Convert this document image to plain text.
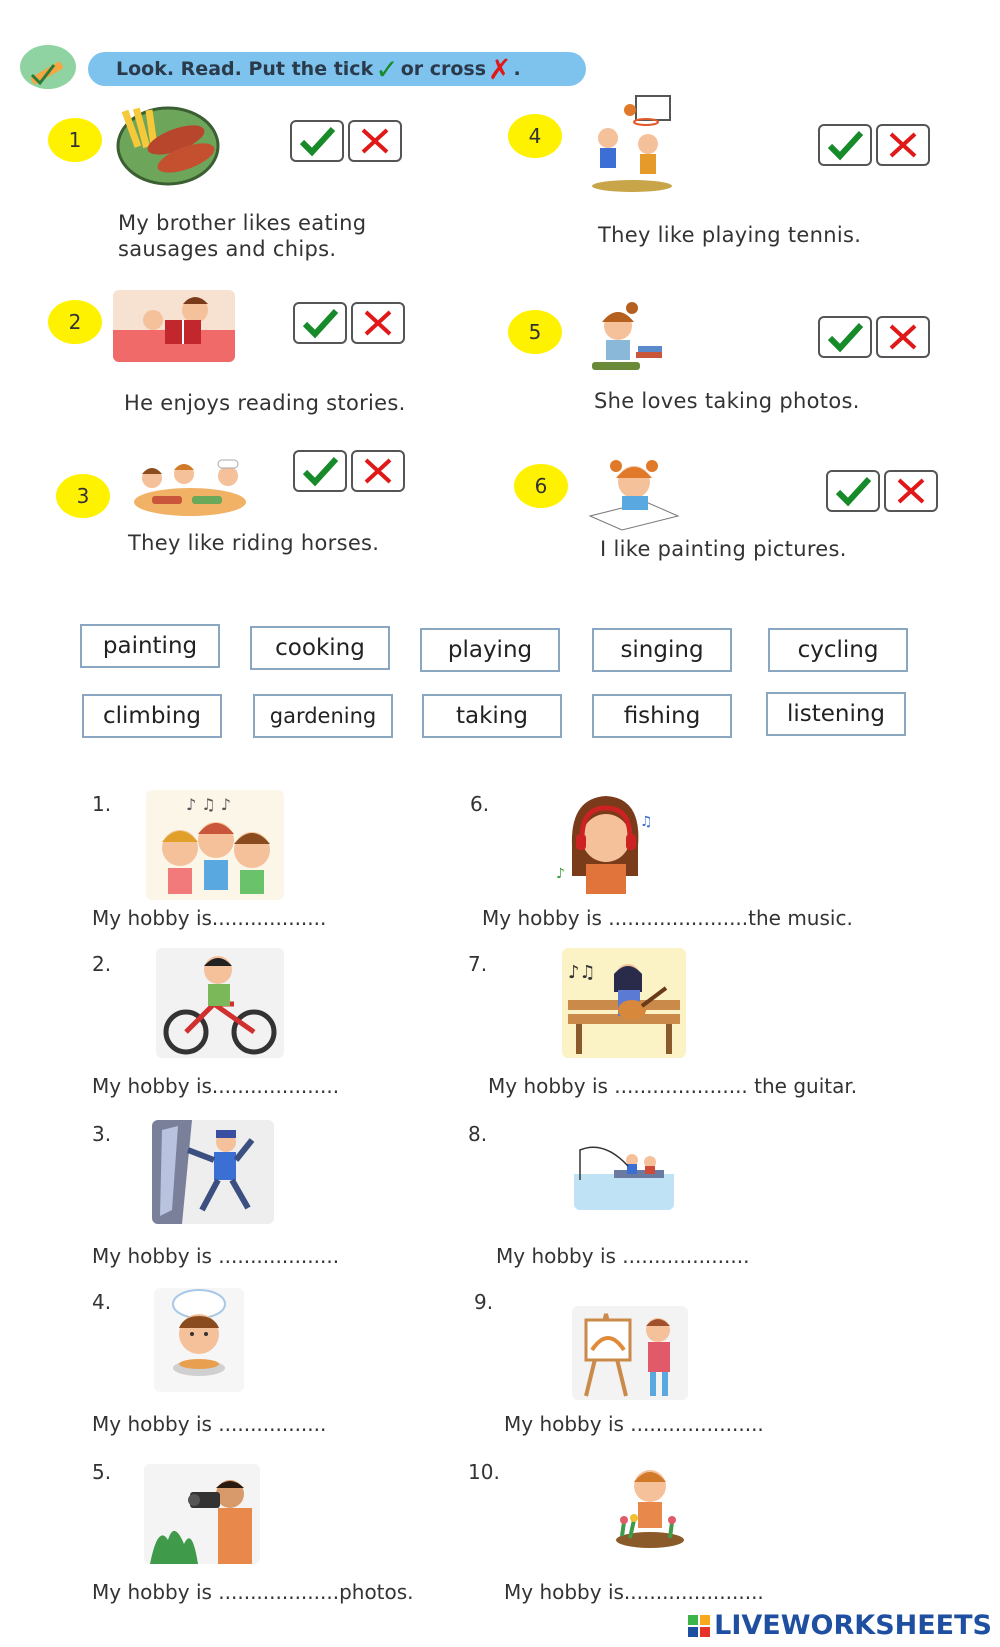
Look. Read. Put the tick ✓ or cross ✗ .
1
My brother likes eating sausages and chips.
2
He enjoys reading stories.
3
They like riding horses.
4
They like playing tennis.
5
She loves taking photos.
6
I like painting pictures.
painting	cooking	playing	singing	cycling
climbing	gardening	taking	fishing	listening
1.	♪ ♫ ♪
My hobby is..................
2.
My hobby is....................
3.
My hobby is ...................
4.
My hobby is .................
5.
My hobby is ...................photos.
6.
♪
♫
My hobby is ......................the music.
7.	♪♫
My hobby is ..................... the guitar.
8.
My hobby is ....................
9.
My hobby is .....................
10.
My hobby is......................
LIVEWORKSHEETS
